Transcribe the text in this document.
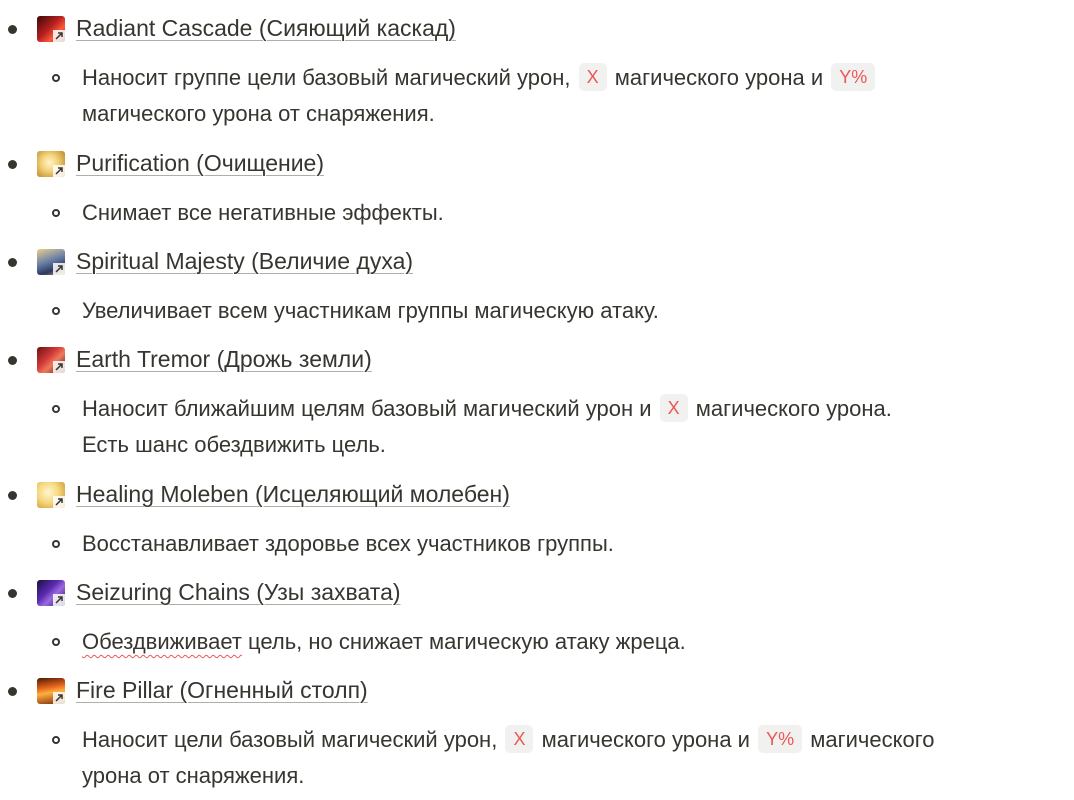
Radiant Cascade (Сияющий каскад)
Наносит группе цели базовый магический урон, X магического урона и Y%
магического урона от снаряжения.
Purification (Очищение)
Снимает все негативные эффекты.
Spiritual Majesty (Величие духа)
Увеличивает всем участникам группы магическую атаку.
Earth Tremor (Дрожь земли)
Наносит ближайшим целям базовый магический урон и X магического урона.
Есть шанс обездвижить цель.
Healing Moleben (Исцеляющий молебен)
Восстанавливает здоровье всех участников группы.
Seizuring Chains (Узы захвата)
Обездвиживает цель, но снижает магическую атаку жреца.
Fire Pillar (Огненный столп)
Наносит цели базовый магический урон, X магического урона и Y% магического
урона от снаряжения.
